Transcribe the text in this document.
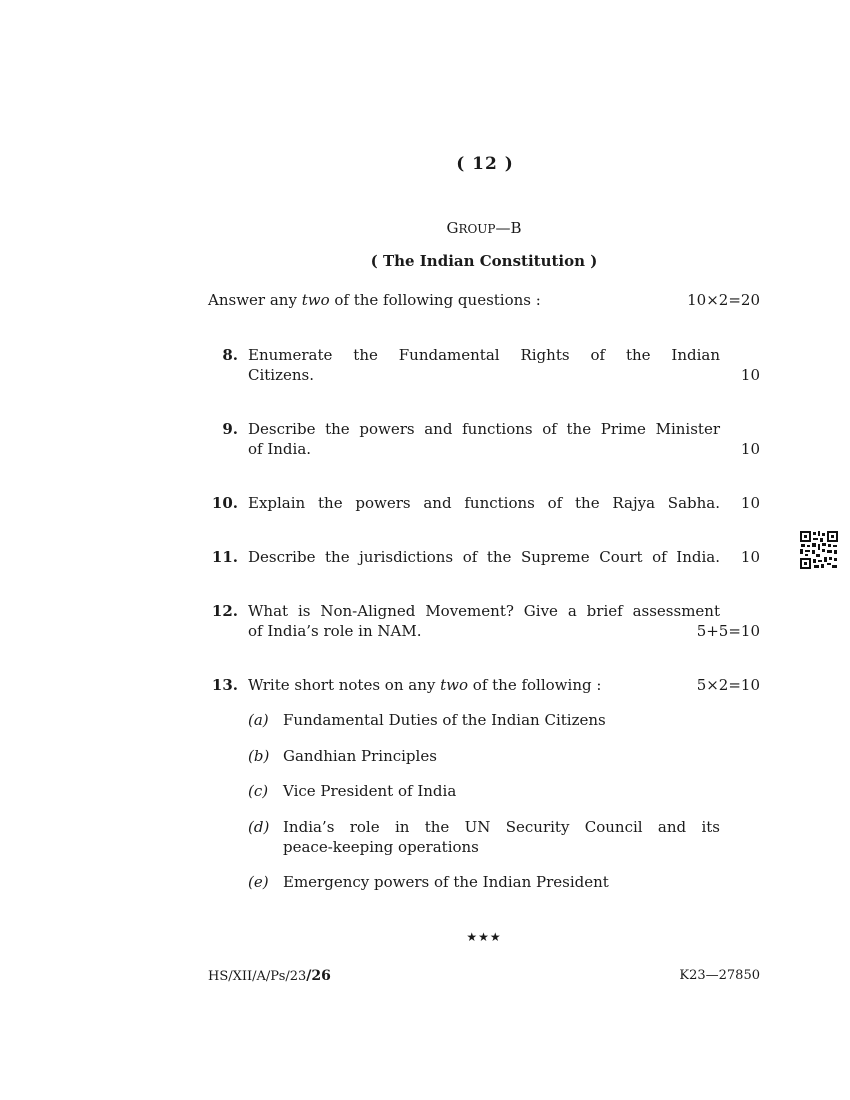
( 12 )
GROUP—B
( The Indian Constitution )
Answer any two of the following questions :	10×2=20
8. Enumerate the Fundamental Rights of the Indian
Citizens.	10
9. Describe the powers and functions of the Prime Minister
of India.	10
10. Explain the powers and functions of the Rajya Sabha. 10
11. Describe the jurisdictions of the Supreme Court of India. 10
12. What is Non-Aligned Movement? Give a brief assessment
of India’s role in NAM.	5+5=10
13. Write short notes on any two of the following :	5×2=10
(a) Fundamental Duties of the Indian Citizens
(b) Gandhian Principles
(c) Vice President of India
(d) India’s role in the UN Security Council and its
peace-keeping operations
(e) Emergency powers of the Indian President
★★★
HS/XII/A/Ps/23/26	K23—27850
